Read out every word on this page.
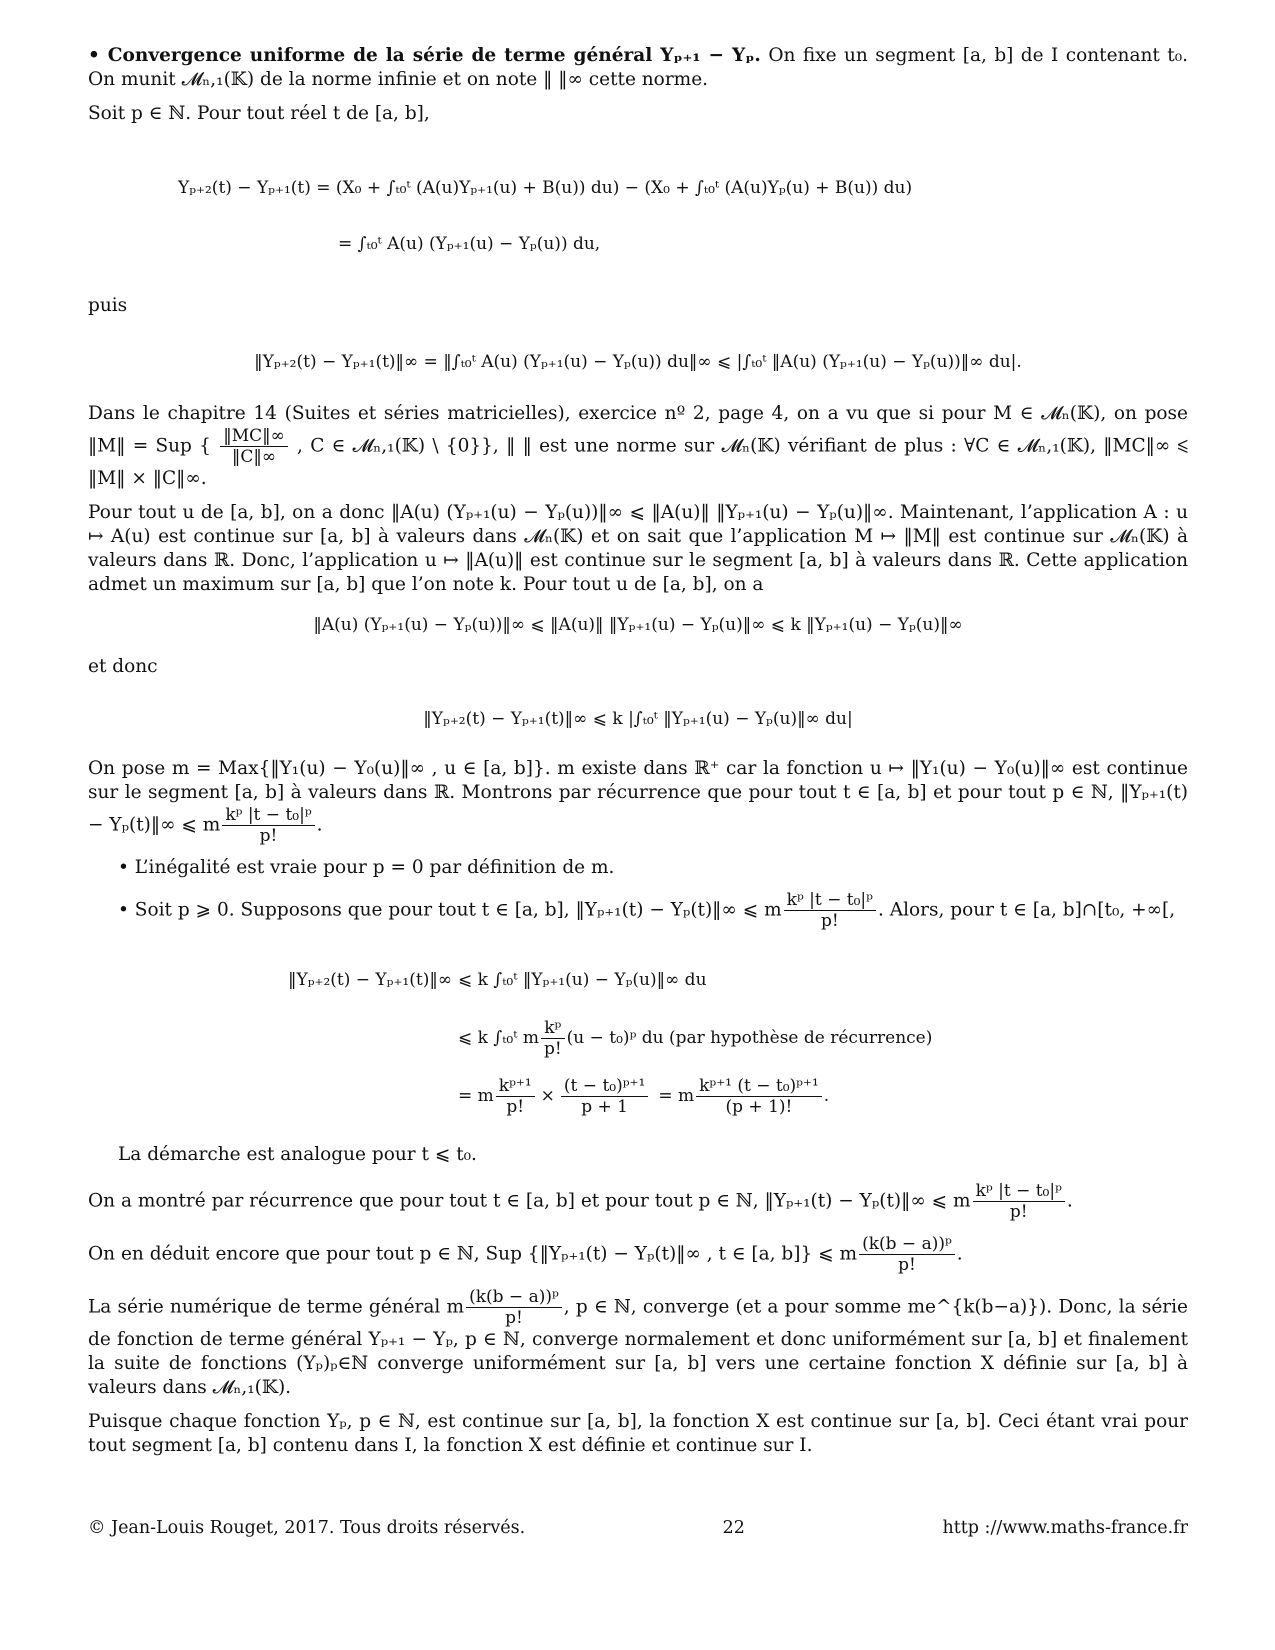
• Convergence uniforme de la série de terme général Yₚ₊₁ − Yₚ. On fixe un segment [a, b] de I contenant t₀. On munit 𝓜ₙ,₁(𝕂) de la norme infinie et on note ‖ ‖∞ cette norme.

Soit p ∈ ℕ. Pour tout réel t de [a, b],

Yₚ₊₂(t) − Yₚ₊₁(t) = (X₀ + ∫ₜ₀ᵗ (A(u)Yₚ₊₁(u) + B(u)) du) − (X₀ + ∫ₜ₀ᵗ (A(u)Yₚ(u) + B(u)) du)
= ∫ₜ₀ᵗ A(u) (Yₚ₊₁(u) − Yₚ(u)) du,

puis

‖Yₚ₊₂(t) − Yₚ₊₁(t)‖∞ = ‖∫ₜ₀ᵗ A(u) (Yₚ₊₁(u) − Yₚ(u)) du‖∞ ⩽ |∫ₜ₀ᵗ ‖A(u) (Yₚ₊₁(u) − Yₚ(u))‖∞ du|.

Dans le chapitre 14 (Suites et séries matricielles), exercice nº 2, page 4, on a vu que si pour M ∈ 𝓜ₙ(𝕂), on pose ‖M‖ = Sup { $\frac{‖MC‖\infty}{‖C‖\infty}$ , C ∈ 𝓜ₙ,₁(𝕂) \ {0}}, ‖ ‖ est une norme sur 𝓜ₙ(𝕂) vérifiant de plus : ∀C ∈ 𝓜ₙ,₁(𝕂), ‖MC‖∞ ⩽ ‖M‖ × ‖C‖∞.

Pour tout u de [a, b], on a donc ‖A(u) (Yₚ₊₁(u) − Yₚ(u))‖∞ ⩽ ‖A(u)‖ ‖Yₚ₊₁(u) − Yₚ(u)‖∞. Maintenant, l’application A : u ↦ A(u) est continue sur [a, b] à valeurs dans 𝓜ₙ(𝕂) et on sait que l’application M ↦ ‖M‖ est continue sur 𝓜ₙ(𝕂) à valeurs dans ℝ. Donc, l’application u ↦ ‖A(u)‖ est continue sur le segment [a, b] à valeurs dans ℝ. Cette application admet un maximum sur [a, b] que l’on note k. Pour tout u de [a, b], on a

‖A(u) (Yₚ₊₁(u) − Yₚ(u))‖∞ ⩽ ‖A(u)‖ ‖Yₚ₊₁(u) − Yₚ(u)‖∞ ⩽ k ‖Yₚ₊₁(u) − Yₚ(u)‖∞

et donc

‖Yₚ₊₂(t) − Yₚ₊₁(t)‖∞ ⩽ k |∫ₜ₀ᵗ ‖Yₚ₊₁(u) − Yₚ(u)‖∞ du|

On pose m = Max{‖Y₁(u) − Y₀(u)‖∞ , u ∈ [a, b]}. m existe dans ℝ⁺ car la fonction u ↦ ‖Y₁(u) − Y₀(u)‖∞ est continue sur le segment [a, b] à valeurs dans ℝ. Montrons par récurrence que pour tout t ∈ [a, b] et pour tout p ∈ ℕ, ‖Yₚ₊₁(t) − Yₚ(t)‖∞ ⩽ m $\frac{\text{kᵖ |t − t₀|ᵖ}}{p!}$ .

• L’inégalité est vraie pour p = 0 par définition de m.

• Soit p ⩾ 0. Supposons que pour tout t ∈ [a, b], ‖Yₚ₊₁(t) − Yₚ(t)‖∞ ⩽ m $\frac{\text{kᵖ |t − t₀|ᵖ}}{p!}$ . Alors, pour t ∈ [a, b]∩[t₀, +∞[,

‖Yₚ₊₂(t) − Yₚ₊₁(t)‖∞ ⩽ k ∫ₜ₀ᵗ ‖Yₚ₊₁(u) − Yₚ(u)‖∞ du
⩽ k ∫ₜ₀ᵗ m $\frac{\text{kᵖ}}{p!} (u$ − t₀)ᵖ du (par hypothèse de récurrence)
= m $\frac{\text{kᵖ⁺¹}}{p!} \times \frac{\text{(t − t₀)ᵖ⁺¹}}{p + 1} = m \frac{\text{kᵖ⁺¹ (t − t₀)ᵖ⁺¹}}{(p + 1)!}$ .

La démarche est analogue pour t ⩽ t₀.

On a montré par récurrence que pour tout t ∈ [a, b] et pour tout p ∈ ℕ, ‖Yₚ₊₁(t) − Yₚ(t)‖∞ ⩽ m $\frac{\text{kᵖ |t − t₀|ᵖ}}{p!}$ .

On en déduit encore que pour tout p ∈ ℕ, Sup {‖Yₚ₊₁(t) − Yₚ(t)‖∞ , t ∈ [a, b]} ⩽ m $\frac{\text{(k(b − a))ᵖ}}{p!}$ .

La série numérique de terme général m $\frac{\text{(k(b − a))ᵖ}}{p!}$ , p ∈ ℕ, converge (et a pour somme me^{k(b−a)}). Donc, la série de fonction de terme général Yₚ₊₁ − Yₚ, p ∈ ℕ, converge normalement et donc uniformément sur [a, b] et finalement la suite de fonctions (Yₚ)ₚ∈ℕ converge uniformément sur [a, b] vers une certaine fonction X définie sur [a, b] à valeurs dans 𝓜ₙ,₁(𝕂).

Puisque chaque fonction Yₚ, p ∈ ℕ, est continue sur [a, b], la fonction X est continue sur [a, b]. Ceci étant vrai pour tout segment [a, b] contenu dans I, la fonction X est définie et continue sur I.

© Jean-Louis Rouget, 2017. Tous droits réservés.	22	http ://www.maths-france.fr
